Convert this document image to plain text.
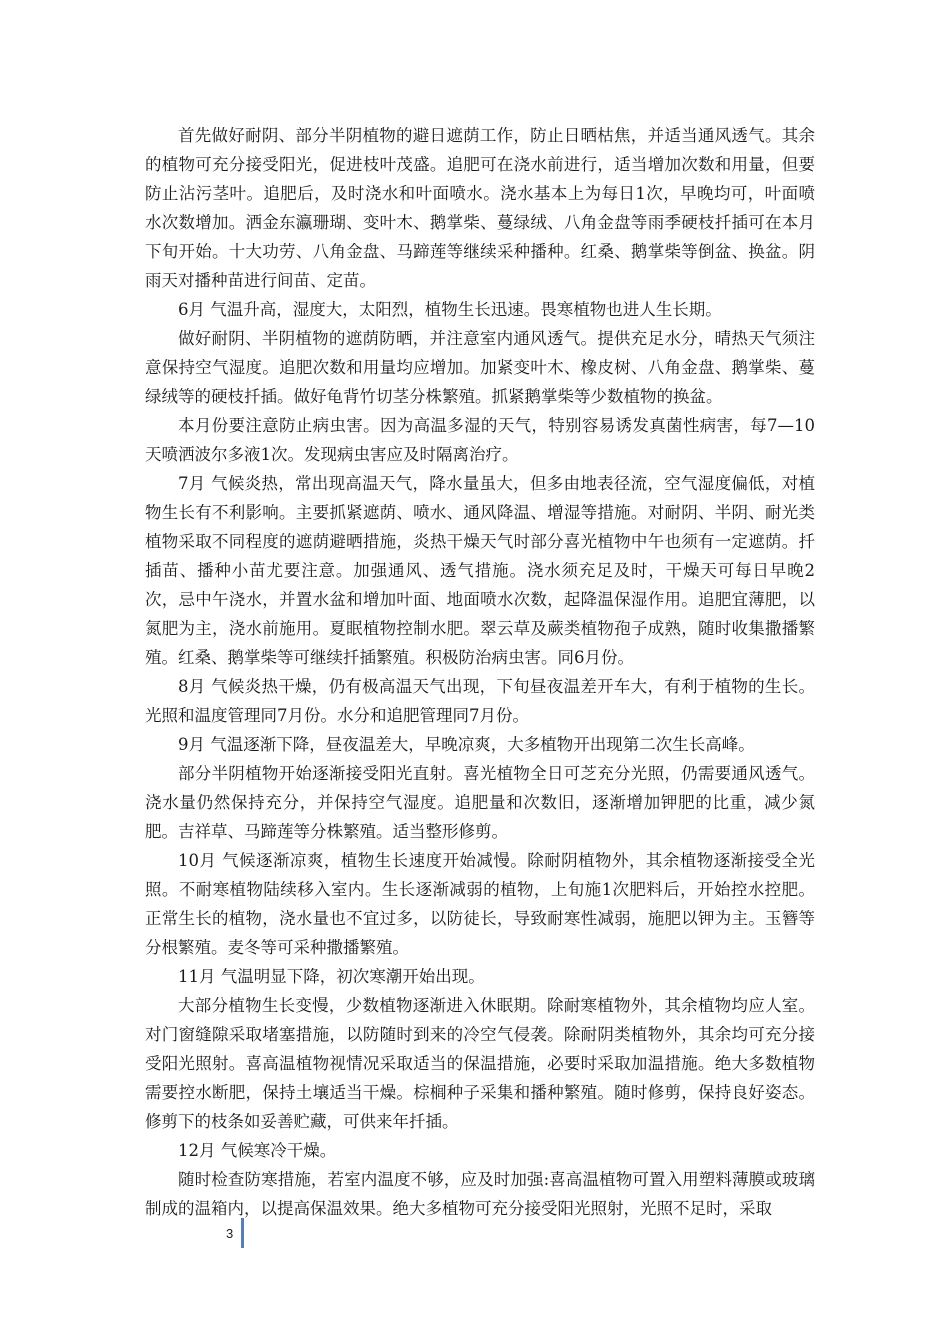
首先做好耐阴、部分半阴植物的避日遮荫工作，防止日晒枯焦，并适当通风透气。其余的植物可充分接受阳光，促进枝叶茂盛。追肥可在浇水前进行，适当增加次数和用量，但要防止沾污茎叶。追肥后，及时浇水和叶面喷水。浇水基本上为每日1次，早晚均可，叶面喷水次数增加。洒金东瀛珊瑚、变叶木、鹅掌柴、蔓绿绒、八角金盘等雨季硬枝扦插可在本月下旬开始。十大功劳、八角金盘、马蹄莲等继续采种播种。红桑、鹅掌柴等倒盆、换盆。阴雨天对播种苗进行间苗、定苗。

6月 气温升高，湿度大，太阳烈，植物生长迅速。畏寒植物也进人生长期。

做好耐阴、半阴植物的遮荫防晒，并注意室内通风透气。提供充足水分，晴热天气须注意保持空气湿度。追肥次数和用量均应增加。加紧变叶木、橡皮树、八角金盘、鹅掌柴、蔓绿绒等的硬枝扦插。做好龟背竹切茎分株繁殖。抓紧鹅掌柴等少数植物的换盆。

本月份要注意防止病虫害。因为高温多湿的天气，特别容易诱发真菌性病害，每7—10天喷洒波尔多液1次。发现病虫害应及时隔离治疗。

7月 气候炎热，常出现高温天气，降水量虽大，但多由地表径流，空气湿度偏低，对植物生长有不利影响。主要抓紧遮荫、喷水、通风降温、增湿等措施。对耐阴、半阴、耐光类植物采取不同程度的遮荫避晒措施，炎热干燥天气时部分喜光植物中午也须有一定遮荫。扦插苗、播种小苗尤要注意。加强通风、透气措施。浇水须充足及时，干燥天可每日早晚2次，忌中午浇水，并置水盆和增加叶面、地面喷水次数，起降温保湿作用。追肥宜薄肥，以氮肥为主，浇水前施用。夏眠植物控制水肥。翠云草及蕨类植物孢子成熟，随时收集撒播繁殖。红桑、鹅掌柴等可继续扦插繁殖。积极防治病虫害。同6月份。

8月 气候炎热干燥，仍有极高温天气出现，下旬昼夜温差开车大，有利于植物的生长。光照和温度管理同7月份。水分和追肥管理同7月份。

9月 气温逐渐下降，昼夜温差大，早晚凉爽，大多植物开出现第二次生长高峰。

部分半阴植物开始逐渐接受阳光直射。喜光植物全日可芝充分光照，仍需要通风透气。浇水量仍然保持充分，并保持空气湿度。追肥量和次数旧，逐渐增加钾肥的比重，减少氮肥。吉祥草、马蹄莲等分株繁殖。适当整形修剪。

10月 气候逐渐凉爽，植物生长速度开始减慢。除耐阴植物外，其余植物逐渐接受全光照。不耐寒植物陆续移入室内。生长逐渐减弱的植物，上旬施1次肥料后，开始控水控肥。正常生长的植物，浇水量也不宜过多，以防徒长，导致耐寒性减弱，施肥以钾为主。玉簪等 分根繁殖。麦冬等可采种撒播繁殖。

11月 气温明显下降，初次寒潮开始出现。

大部分植物生长变慢，少数植物逐渐进入休眠期。除耐寒植物外，其余植物均应人室。对门窗缝隙采取堵塞措施，以防随时到来的冷空气侵袭。除耐阴类植物外，其余均可充分接受阳光照射。喜高温植物视情况采取适当的保温措施，必要时采取加温措施。绝大多数植物需要控水断肥，保持土壤适当干燥。棕榈种子采集和播种繁殖。随时修剪，保持良好姿态。修剪下的枝条如妥善贮藏，可供来年扦插。

12月 气候寒冷干燥。

随时检查防寒措施，若室内温度不够，应及时加强:喜高温植物可置入用塑料薄膜或玻璃制成的温箱内，以提高保温效果。绝大多植物可充分接受阳光照射，光照不足时，采取

3
